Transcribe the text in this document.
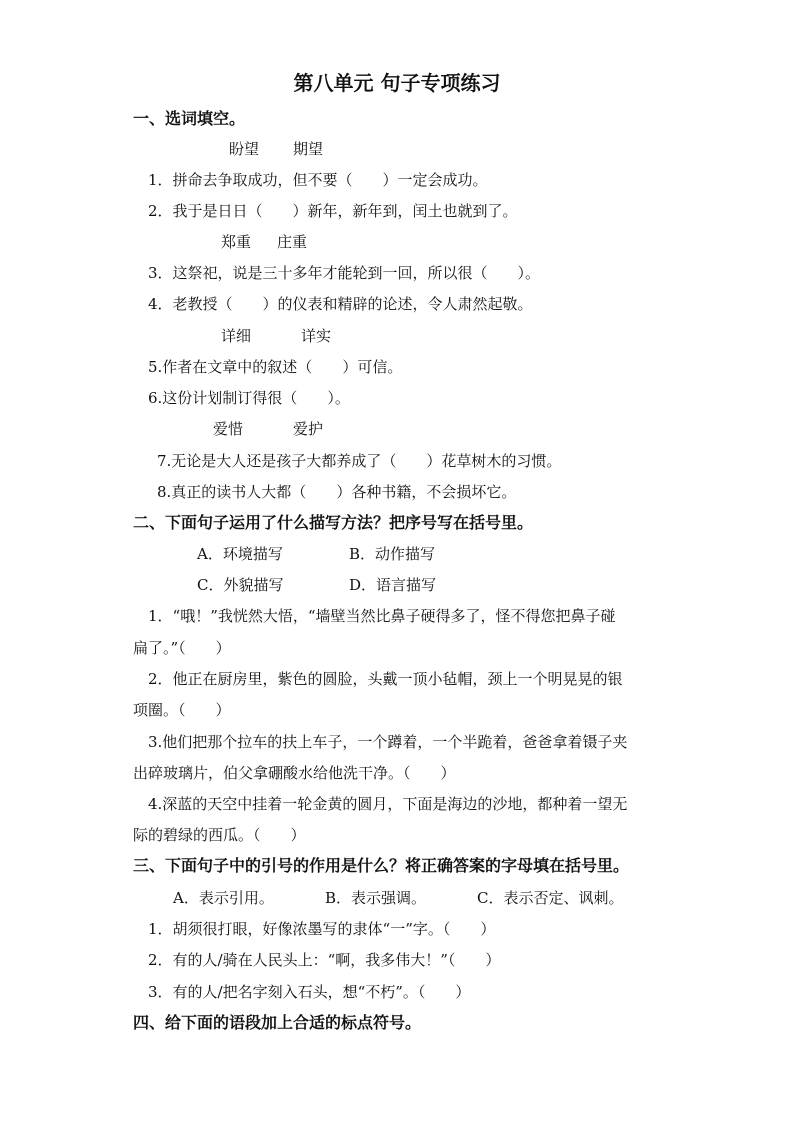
第八单元 句子专项练习
一、选词填空。
盼望 期望
1．拼命去争取成功，但不要（　　）一定会成功。
2．我于是日日（　　）新年，新年到，闰土也就到了。
郑重 庄重
3．这祭祀，说是三十多年才能轮到一回，所以很（　　）。
4．老教授（　　）的仪表和精辟的论述，令人肃然起敬。
详细	详实
5.作者在文章中的叙述（　　）可信。
6.这份计划制订得很（　　）。
爱惜	爱护
7.无论是大人还是孩子大都养成了（　　）花草树木的习惯。
8.真正的读书人大都（　　）各种书籍，不会损坏它。
二、下面句子运用了什么描写方法？把序号写在括号里。
A．环境描写	B．动作描写
C．外貌描写	D．语言描写
1．“哦！”我恍然大悟，“墙壁当然比鼻子硬得多了，怪不得您把鼻子碰
扁了。”（　　）
2．他正在厨房里，紫色的圆脸，头戴一顶小毡帽，颈上一个明晃晃的银
项圈。（　　）
3.他们把那个拉车的扶上车子，一个蹲着，一个半跪着，爸爸拿着镊子夹
出碎玻璃片，伯父拿硼酸水给他洗干净。（　　）
4.深蓝的天空中挂着一轮金黄的圆月，下面是海边的沙地，都种着一望无
际的碧绿的西瓜。（　　）
三、下面句子中的引号的作用是什么？将正确答案的字母填在括号里。
A．表示引用。	B．表示强调。	C．表示否定、讽刺。
1．胡须很打眼，好像浓墨写的隶体“一”字。（　　）
2．有的人/骑在人民头上：“啊，我多伟大！”（　　）
3．有的人/把名字刻入石头，想“不朽”。（　　）
四、给下面的语段加上合适的标点符号。
